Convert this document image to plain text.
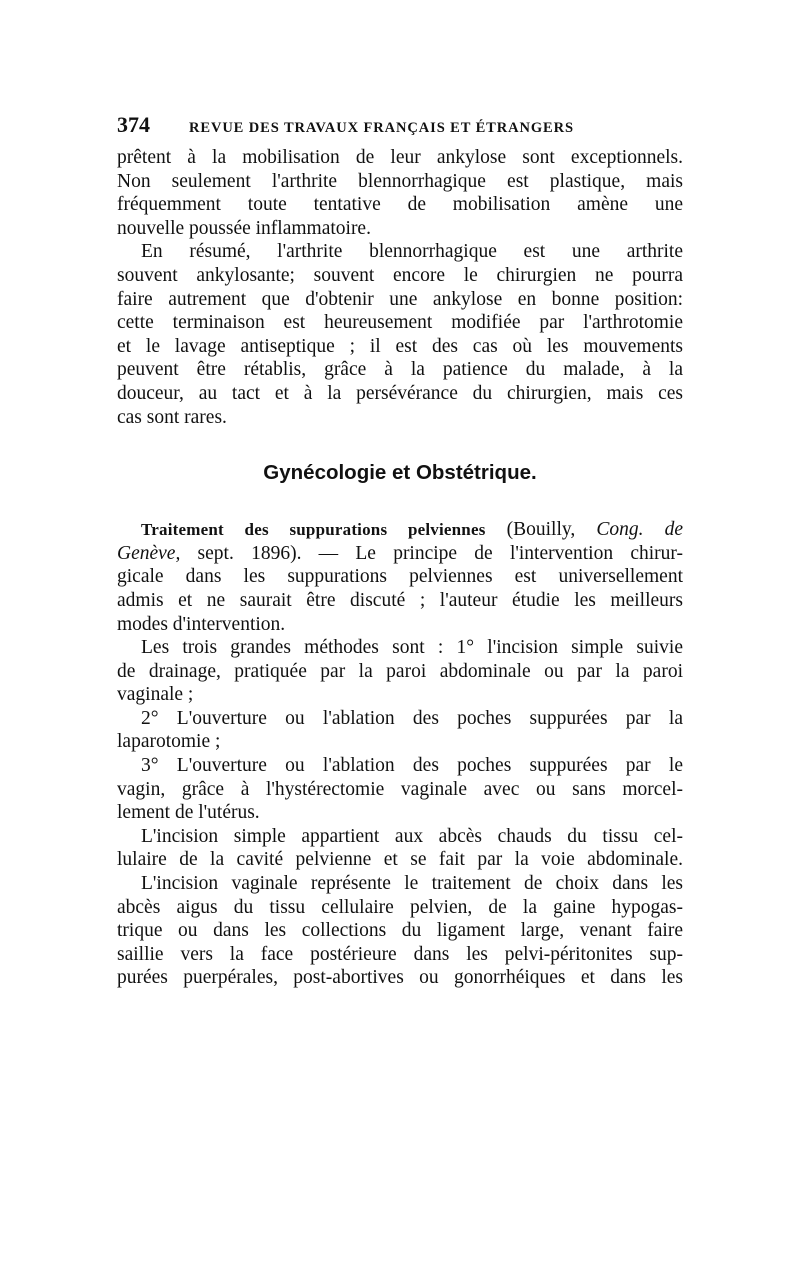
374	REVUE DES TRAVAUX FRANÇAIS ET ÉTRANGERS

prêtent à la mobilisation de leur ankylose sont exceptionnels.
Non seulement l'arthrite blennorrhagique est plastique, mais
fréquemment toute tentative de mobilisation amène une
nouvelle poussée inflammatoire.

En résumé, l'arthrite blennorrhagique est une arthrite
souvent ankylosante; souvent encore le chirurgien ne pourra
faire autrement que d'obtenir une ankylose en bonne position:
cette terminaison est heureusement modifiée par l'arthrotomie
et le lavage antiseptique ; il est des cas où les mouvements
peuvent être rétablis, grâce à la patience du malade, à la
douceur, au tact et à la persévérance du chirurgien, mais ces
cas sont rares.

Gynécologie et Obstétrique.

Traitement des suppurations pelviennes (Bouilly, Cong. de
Genève, sept. 1896). — Le principe de l'intervention chirur-
gicale dans les suppurations pelviennes est universellement
admis et ne saurait être discuté ; l'auteur étudie les meilleurs
modes d'intervention.

Les trois grandes méthodes sont : 1° l'incision simple suivie
de drainage, pratiquée par la paroi abdominale ou par la paroi
vaginale ;

2° L'ouverture ou l'ablation des poches suppurées par la
laparotomie ;

3° L'ouverture ou l'ablation des poches suppurées par le
vagin, grâce à l'hystérectomie vaginale avec ou sans morcel-
lement de l'utérus.

L'incision simple appartient aux abcès chauds du tissu cel-
lulaire de la cavité pelvienne et se fait par la voie abdominale.

L'incision vaginale représente le traitement de choix dans les
abcès aigus du tissu cellulaire pelvien, de la gaine hypogas-
trique ou dans les collections du ligament large, venant faire
saillie vers la face postérieure dans les pelvi-péritonites sup-
purées puerpérales, post-abortives ou gonorrhéiques et dans les
